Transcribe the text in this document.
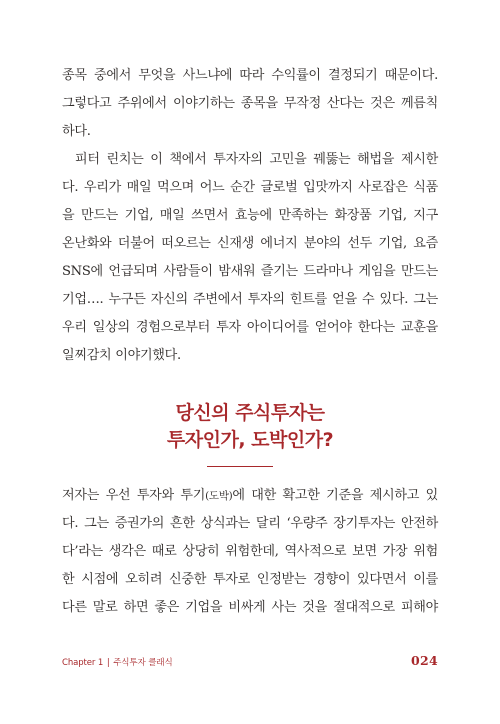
종목 중에서 무엇을 사느냐에 따라 수익률이 결정되기 때문이다.
그렇다고 주위에서 이야기하는 종목을 무작정 산다는 것은 께름칙
하다.
피터 린치는 이 책에서 투자자의 고민을 꿰뚫는 해법을 제시한
다. 우리가 매일 먹으며 어느 순간 글로벌 입맛까지 사로잡은 식품
을 만드는 기업, 매일 쓰면서 효능에 만족하는 화장품 기업, 지구
온난화와 더불어 떠오르는 신재생 에너지 분야의 선두 기업, 요즘
SNS에 언급되며 사람들이 밤새워 즐기는 드라마나 게임을 만드는
기업…. 누구든 자신의 주변에서 투자의 힌트를 얻을 수 있다. 그는
우리 일상의 경험으로부터 투자 아이디어를 얻어야 한다는 교훈을
일찌감치 이야기했다.
당신의 주식투자는
투자인가, 도박인가?
저자는 우선 투자와 투기(도박)에 대한 확고한 기준을 제시하고 있
다. 그는 증권가의 흔한 상식과는 달리 ‘우량주 장기투자는 안전하
다’라는 생각은 때로 상당히 위험한데, 역사적으로 보면 가장 위험
한 시점에 오히려 신중한 투자로 인정받는 경향이 있다면서 이를
다른 말로 하면 좋은 기업을 비싸게 사는 것을 절대적으로 피해야
Chapter 1 | 주식투자 클래식	024
